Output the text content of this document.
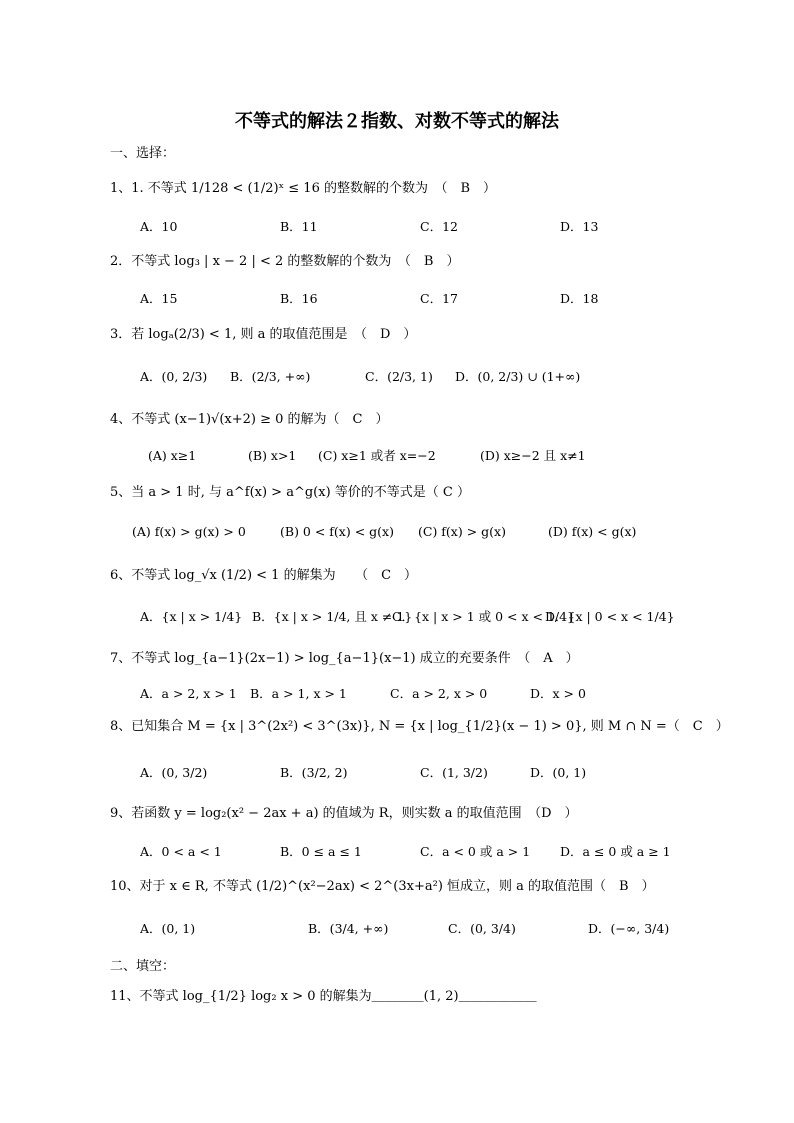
不等式的解法２指数、对数不等式的解法
一、选择：
1、1. 不等式 1/128 < (1/2)ˣ ≤ 16 的整数解的个数为　（　B　）
A．10	B．11	C．12	D．13
2．不等式 log₃ | x − 2 | < 2 的整数解的个数为　（　B　）
A．15	B．16	C．17	D．18
3．若 logₐ(2/3) < 1, 则 a 的取值范围是　（　D　）
A．(0, 2/3) B．(2/3, +∞)	C．(2/3, 1) D．(0, 2/3) ∪ (1+∞)
4、不等式 (x−1)√(x+2) ≥ 0 的解为（　C　）
(A) x≥1	(B) x>1 (C) x≥1 或者 x=−2	(D) x≥−2 且 x≠1
5、当 a > 1 时, 与 a^f(x) > a^g(x) 等价的不等式是（ C ）
(A) f(x) > g(x) > 0	(B) 0 < f(x) < g(x) (C) f(x) > g(x)	(D) f(x) < g(x)
6、不等式 log_√x (1/2) < 1 的解集为　　（　C　）
A．{x | x > 1/4} B．{x | x > 1/4, 且 x ≠ 1}
C．{x | x > 1 或 0 < x < 1/4}
D．{x | 0 < x < 1/4}
7、不等式 log_{a−1}(2x−1) > log_{a−1}(x−1) 成立的充要条件　（　A　）
A．a > 2, x > 1 B．a > 1, x > 1	C．a > 2, x > 0	D．x > 0
8、已知集合 M = {x | 3^(2x²) < 3^(3x)}, N = {x | log_{1/2}(x − 1) > 0}, 则 M ∩ N =（　C　）
A．(0, 3/2)	B．(3/2, 2)	C．(1, 3/2)	D．(0, 1)
9、若函数 y = log₂(x² − 2ax + a) 的值域为 R，则实数 a 的取值范围　（D　）
A．0 < a < 1	B．0 ≤ a ≤ 1	C．a < 0 或 a > 1 D．a ≤ 0 或 a ≥ 1
10、对于 x ∈ R, 不等式 (1/2)^(x²−2ax) < 2^(3x+a²) 恒成立，则 a 的取值范围（　B　）
A．(0, 1)	B．(3/4, +∞)	C．(0, 3/4)	D．(−∞, 3/4)
二、填空：
11、不等式 log_{1/2} log₂ x > 0 的解集为＿＿＿＿(1, 2)＿＿＿＿＿＿
